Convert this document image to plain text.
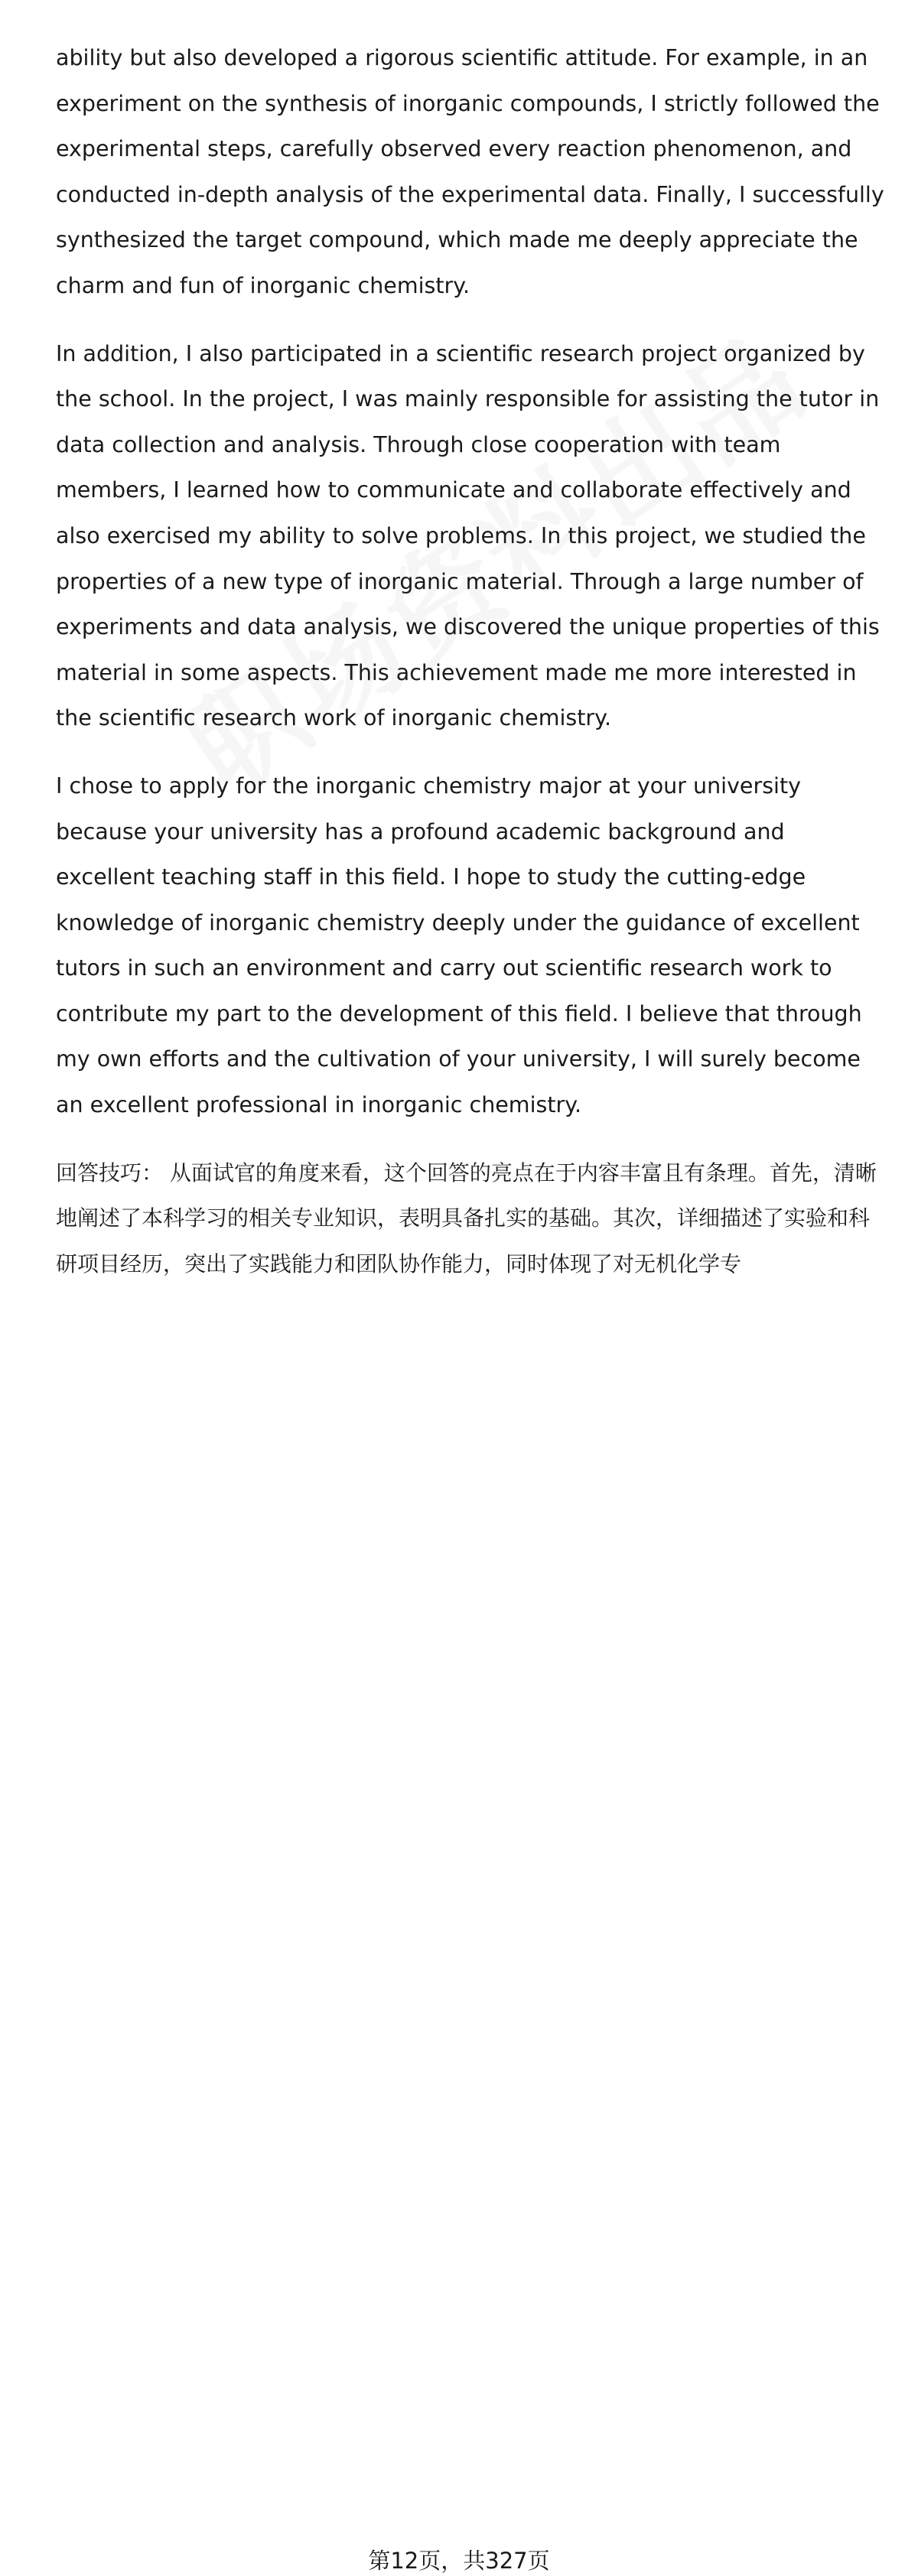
ability but also developed a rigorous scientific attitude. For example, in an experiment on the synthesis of inorganic compounds, I strictly followed the experimental steps, carefully observed every reaction phenomenon, and conducted in-depth analysis of the experimental data. Finally, I successfully synthesized the target compound, which made me deeply appreciate the charm and fun of inorganic chemistry.

In addition, I also participated in a scientific research project organized by the school. In the project, I was mainly responsible for assisting the tutor in data collection and analysis. Through close cooperation with team members, I learned how to communicate and collaborate effectively and also exercised my ability to solve problems. In this project, we studied the properties of a new type of inorganic material. Through a large number of experiments and data analysis, we discovered the unique properties of this material in some aspects. This achievement made me more interested in the scientific research work of inorganic chemistry.

I chose to apply for the inorganic chemistry major at your university because your university has a profound academic background and excellent teaching staff in this field. I hope to study the cutting-edge knowledge of inorganic chemistry deeply under the guidance of excellent tutors in such an environment and carry out scientific research work to contribute my part to the development of this field. I believe that through my own efforts and the cultivation of your university, I will surely become an excellent professional in inorganic chemistry.

回答技巧： 从面试官的角度来看，这个回答的亮点在于内容丰富且有条理。首先，清晰地阐述了本科学习的相关专业知识，表明具备扎实的基础。其次，详细描述了实验和科研项目经历，突出了实践能力和团队协作能力，同时体现了对无机化学专

第12页，共327页
